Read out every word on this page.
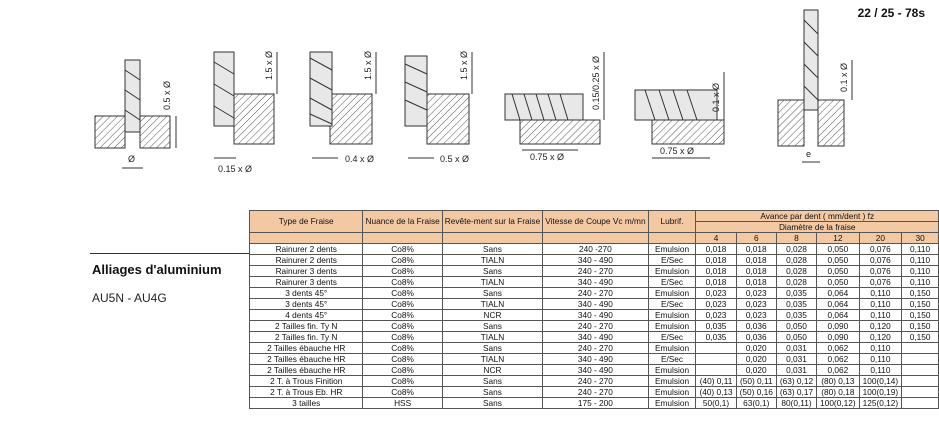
22 / 25 - 78s
Ø
0.5 x Ø
1.5 x Ø
0.15 x Ø
1.5 x Ø
0.4 x Ø
1.5 x Ø
0.5 x Ø
0.15/0.25 x Ø
0.75 x Ø
0.1 x Ø
0.75 x Ø
0.1 x Ø
e
Alliages d'aluminium
AU5N - AU4G
Type de Fraise	Nuance de la Fraise	Revête-ment sur la Fraise	Vitesse de Coupe Vc m/mn	Lubrif.	Avance par dent ( mm/dent ) fz					
					Diamètre de la fraise					
					4	6	8	12	20	30
Rainurer 2 dents	Co8%	Sans	240 -270	Emulsion	0,018	0,018	0,028	0,050	0,076	0,110
Rainurer 2 dents	Co8%	TIALN	340 - 490	E/Sec	0,018	0,018	0,028	0,050	0,076	0,110
Rainurer 3 dents	Co8%	Sans	240 - 270	Emulsion	0,018	0,018	0,028	0,050	0,076	0,110
Rainurer 3 dents	Co8%	TIALN	340 - 490	E/Sec	0,018	0,018	0,028	0,050	0,076	0,110
3 dents 45°	Co8%	Sans	240 - 270	Emulsion	0,023	0,023	0,035	0,064	0,110	0,150
3 dents 45°	Co8%	TIALN	340 - 490	E/Sec	0,023	0,023	0,035	0,064	0,110	0,150
4 dents 45°	Co8%	NCR	340 - 490	Emulsion	0,023	0,023	0,035	0,064	0,110	0,150
2 Tailles fin. Ty N	Co8%	Sans	240 - 270	Emulsion	0,035	0,036	0,050	0,090	0,120	0,150
2 Tailles fin. Ty N	Co8%	TIALN	340 - 490	E/Sec	0,035	0,036	0,050	0,090	0,120	0,150
2 Tailles ébauche HR	Co8%	Sans	240 - 270	Emulsion		0,020	0,031	0,062	0,110	
2 Tailles ébauche HR	Co8%	TIALN	340 - 490	E/Sec		0,020	0,031	0,062	0,110	
2 Tailles ébauche HR	Co8%	NCR	340 - 490	Emulsion		0,020	0,031	0,062	0,110	
2 T. à Trous Finition	Co8%	Sans	240 - 270	Emulsion	(40) 0,11	(50) 0,11	(63) 0,12	(80) 0,13	100(0,14)	
2 T. à Trous Eb. HR	Co8%	Sans	240 - 270	Emulsion	(40) 0,13	(50) 0,16	(63) 0,17	(80) 0,18	100(0,19)	
3 tailles	HSS	Sans	175 - 200	Emulsion	50(0,1)	63(0,1)	80(0,11)	100(0,12)	125(0,12)	
